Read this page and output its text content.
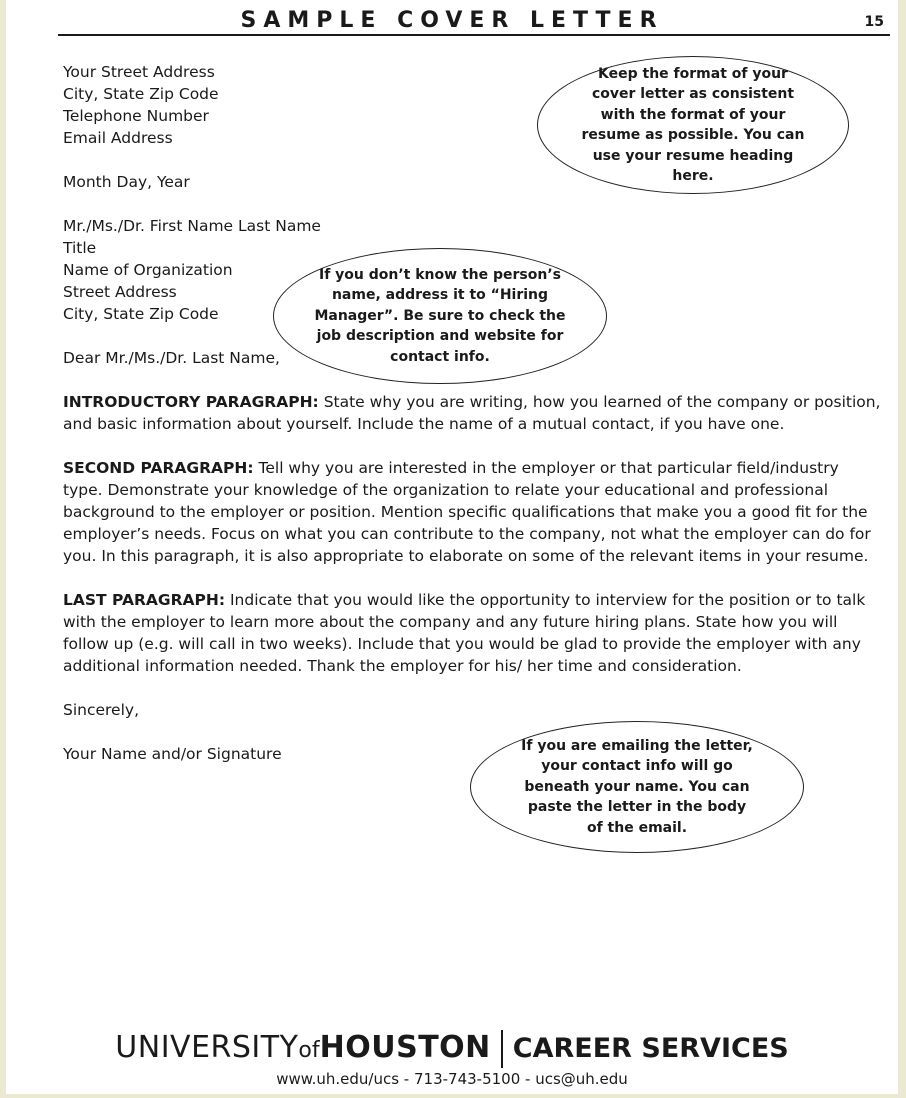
SAMPLE COVER LETTER	15
Your Street Address
City, State Zip Code
Telephone Number
Email Address
Month Day, Year
Mr./Ms./Dr. First Name Last Name
Title
Name of Organization
Street Address
City, State Zip Code
Dear Mr./Ms./Dr. Last Name,
INTRODUCTORY PARAGRAPH: State why you are writing, how you learned of the company or position, and basic information about yourself. Include the name of a mutual contact, if you have one.
SECOND PARAGRAPH: Tell why you are interested in the employer or that particular field/industry type. Demonstrate your knowledge of the organization to relate your educational and professional background to the employer or position. Mention specific qualifications that make you a good fit for the employer’s needs. Focus on what you can contribute to the company, not what the employer can do for you. In this paragraph, it is also appropriate to elaborate on some of the relevant items in your resume.
LAST PARAGRAPH: Indicate that you would like the opportunity to interview for the position or to talk with the employer to learn more about the company and any future hiring plans. State how you will follow up (e.g. will call in two weeks). Include that you would be glad to provide the employer with any additional information needed. Thank the employer for his/ her time and consideration.
Sincerely,
Your Name and/or Signature
Keep the format of your cover letter as consistent with the format of your resume as possible. You can use your resume heading here.
If you don’t know the person’s name, address it to “Hiring Manager”. Be sure to check the job description and website for contact info.
If you are emailing the letter, your contact info will go beneath your name. You can paste the letter in the body of the email.
UNIVERSITYofHOUSTON CAREER SERVICES
www.uh.edu/ucs - 713-743-5100 - ucs@uh.edu
